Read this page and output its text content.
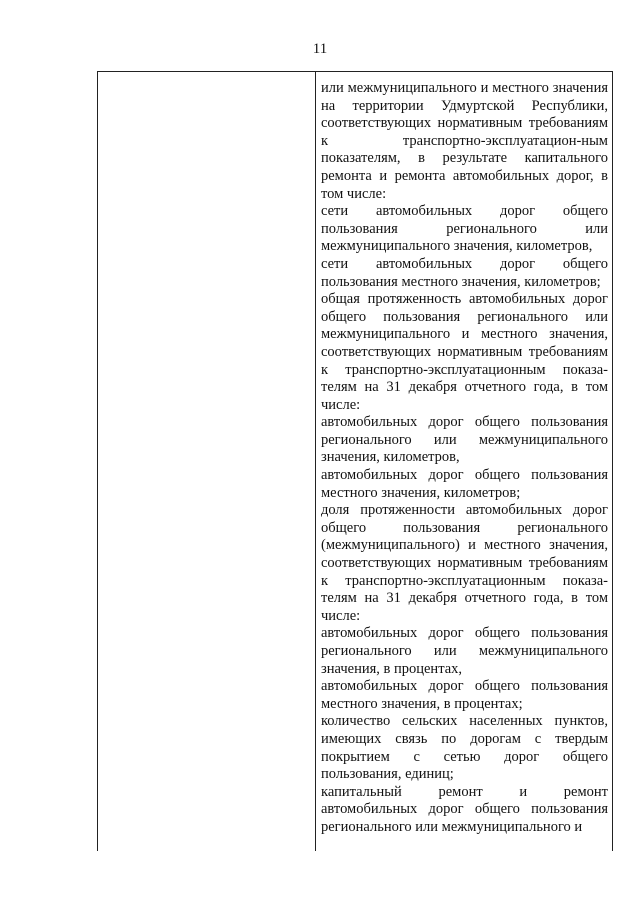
11

или межмуниципального и местного значения на территории Удмуртской Республики, соответствующих нормативным требованиям к транспортно-эксплуатацион-ным показателям, в результате капитального ремонта и ремонта автомобильных дорог, в том числе:

сети автомобильных дорог общего пользования регионального или межмуниципального значения, километров,

сети автомобильных дорог общего пользования местного значения, километров;

общая протяженность автомобильных дорог общего пользования регионального или межмуниципального и местного значения, соответствующих нормативным требованиям к транспортно-эксплуатационным показа-телям на 31 декабря отчетного года, в том числе:

автомобильных дорог общего пользования регионального или межмуниципального значения, километров,

автомобильных дорог общего пользования местного значения, километров;

доля протяженности автомобильных дорог общего пользования регионального (межмуниципального) и местного значения, соответствующих нормативным требованиям к транспортно-эксплуатационным показа-телям на 31 декабря отчетного года, в том числе:

автомобильных дорог общего пользования регионального или межмуниципального значения, в процентах,

автомобильных дорог общего пользования местного значения, в процентах;

количество сельских населенных пунктов, имеющих связь по дорогам с твердым покрытием с сетью дорог общего пользования, единиц;

капитальный ремонт и ремонт автомобильных дорог общего пользования регионального или межмуниципального и
